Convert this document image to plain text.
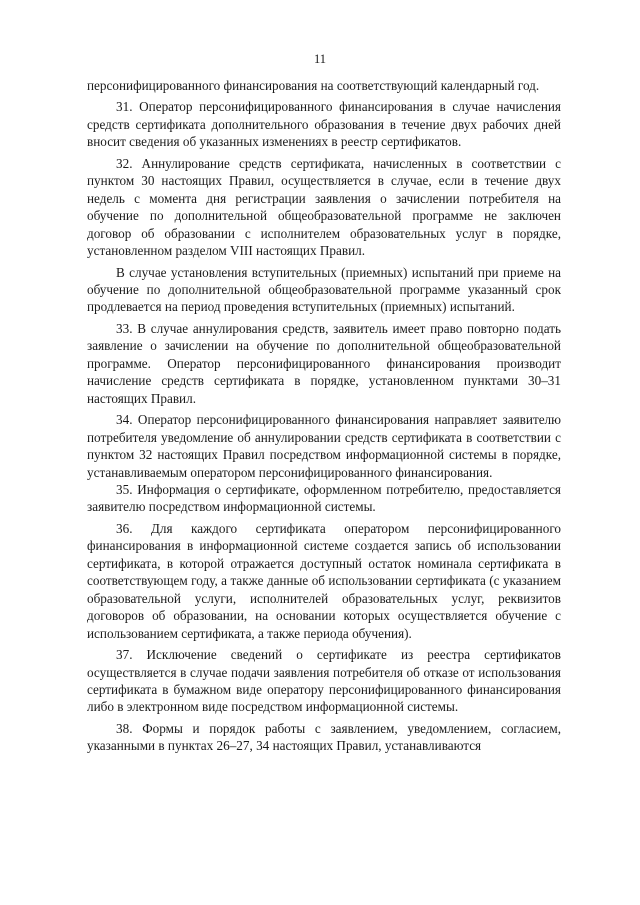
11

персонифицированного финансирования на соответствующий календарный год.

31. Оператор персонифицированного финансирования в случае начисления средств сертификата дополнительного образования в течение двух рабочих дней вносит сведения об указанных изменениях в реестр сертификатов.

32. Аннулирование средств сертификата, начисленных в соответствии с пунктом 30 настоящих Правил, осуществляется в случае, если в течение двух недель с момента дня регистрации заявления о зачислении потребителя на обучение по дополнительной общеобразовательной программе не заключен договор об образовании с исполнителем образовательных услуг в порядке, установленном разделом VIII настоящих Правил.

В случае установления вступительных (приемных) испытаний при приеме на обучение по дополнительной общеобразовательной программе указанный срок продлевается на период проведения вступительных (приемных) испытаний.

33. В случае аннулирования средств, заявитель имеет право повторно подать заявление о зачислении на обучение по дополнительной общеобразовательной программе. Оператор персонифицированного финансирования производит начисление средств сертификата в порядке, установленном пунктами 30–31 настоящих Правил.

34. Оператор персонифицированного финансирования направляет заявителю потребителя уведомление об аннулировании средств сертификата в соответствии с пунктом 32 настоящих Правил посредством информационной системы в порядке, устанавливаемым оператором персонифицированного финансирования.

35. Информация о сертификате, оформленном потребителю, предоставляется заявителю посредством информационной системы.

36. Для каждого сертификата оператором персонифицированного финансирования в информационной системе создается запись об использовании сертификата, в которой отражается доступный остаток номинала сертификата в соответствующем году, а также данные об использовании сертификата (с указанием образовательной услуги, исполнителей образовательных услуг, реквизитов договоров об образовании, на основании которых осуществляется обучение с использованием сертификата, а также периода обучения).

37. Исключение сведений о сертификате из реестра сертификатов осуществляется в случае подачи заявления потребителя об отказе от использования сертификата в бумажном виде оператору персонифицированного финансирования либо в электронном виде посредством информационной системы.

38. Формы и порядок работы с заявлением, уведомлением, согласием, указанными в пунктах 26–27, 34 настоящих Правил, устанавливаются
